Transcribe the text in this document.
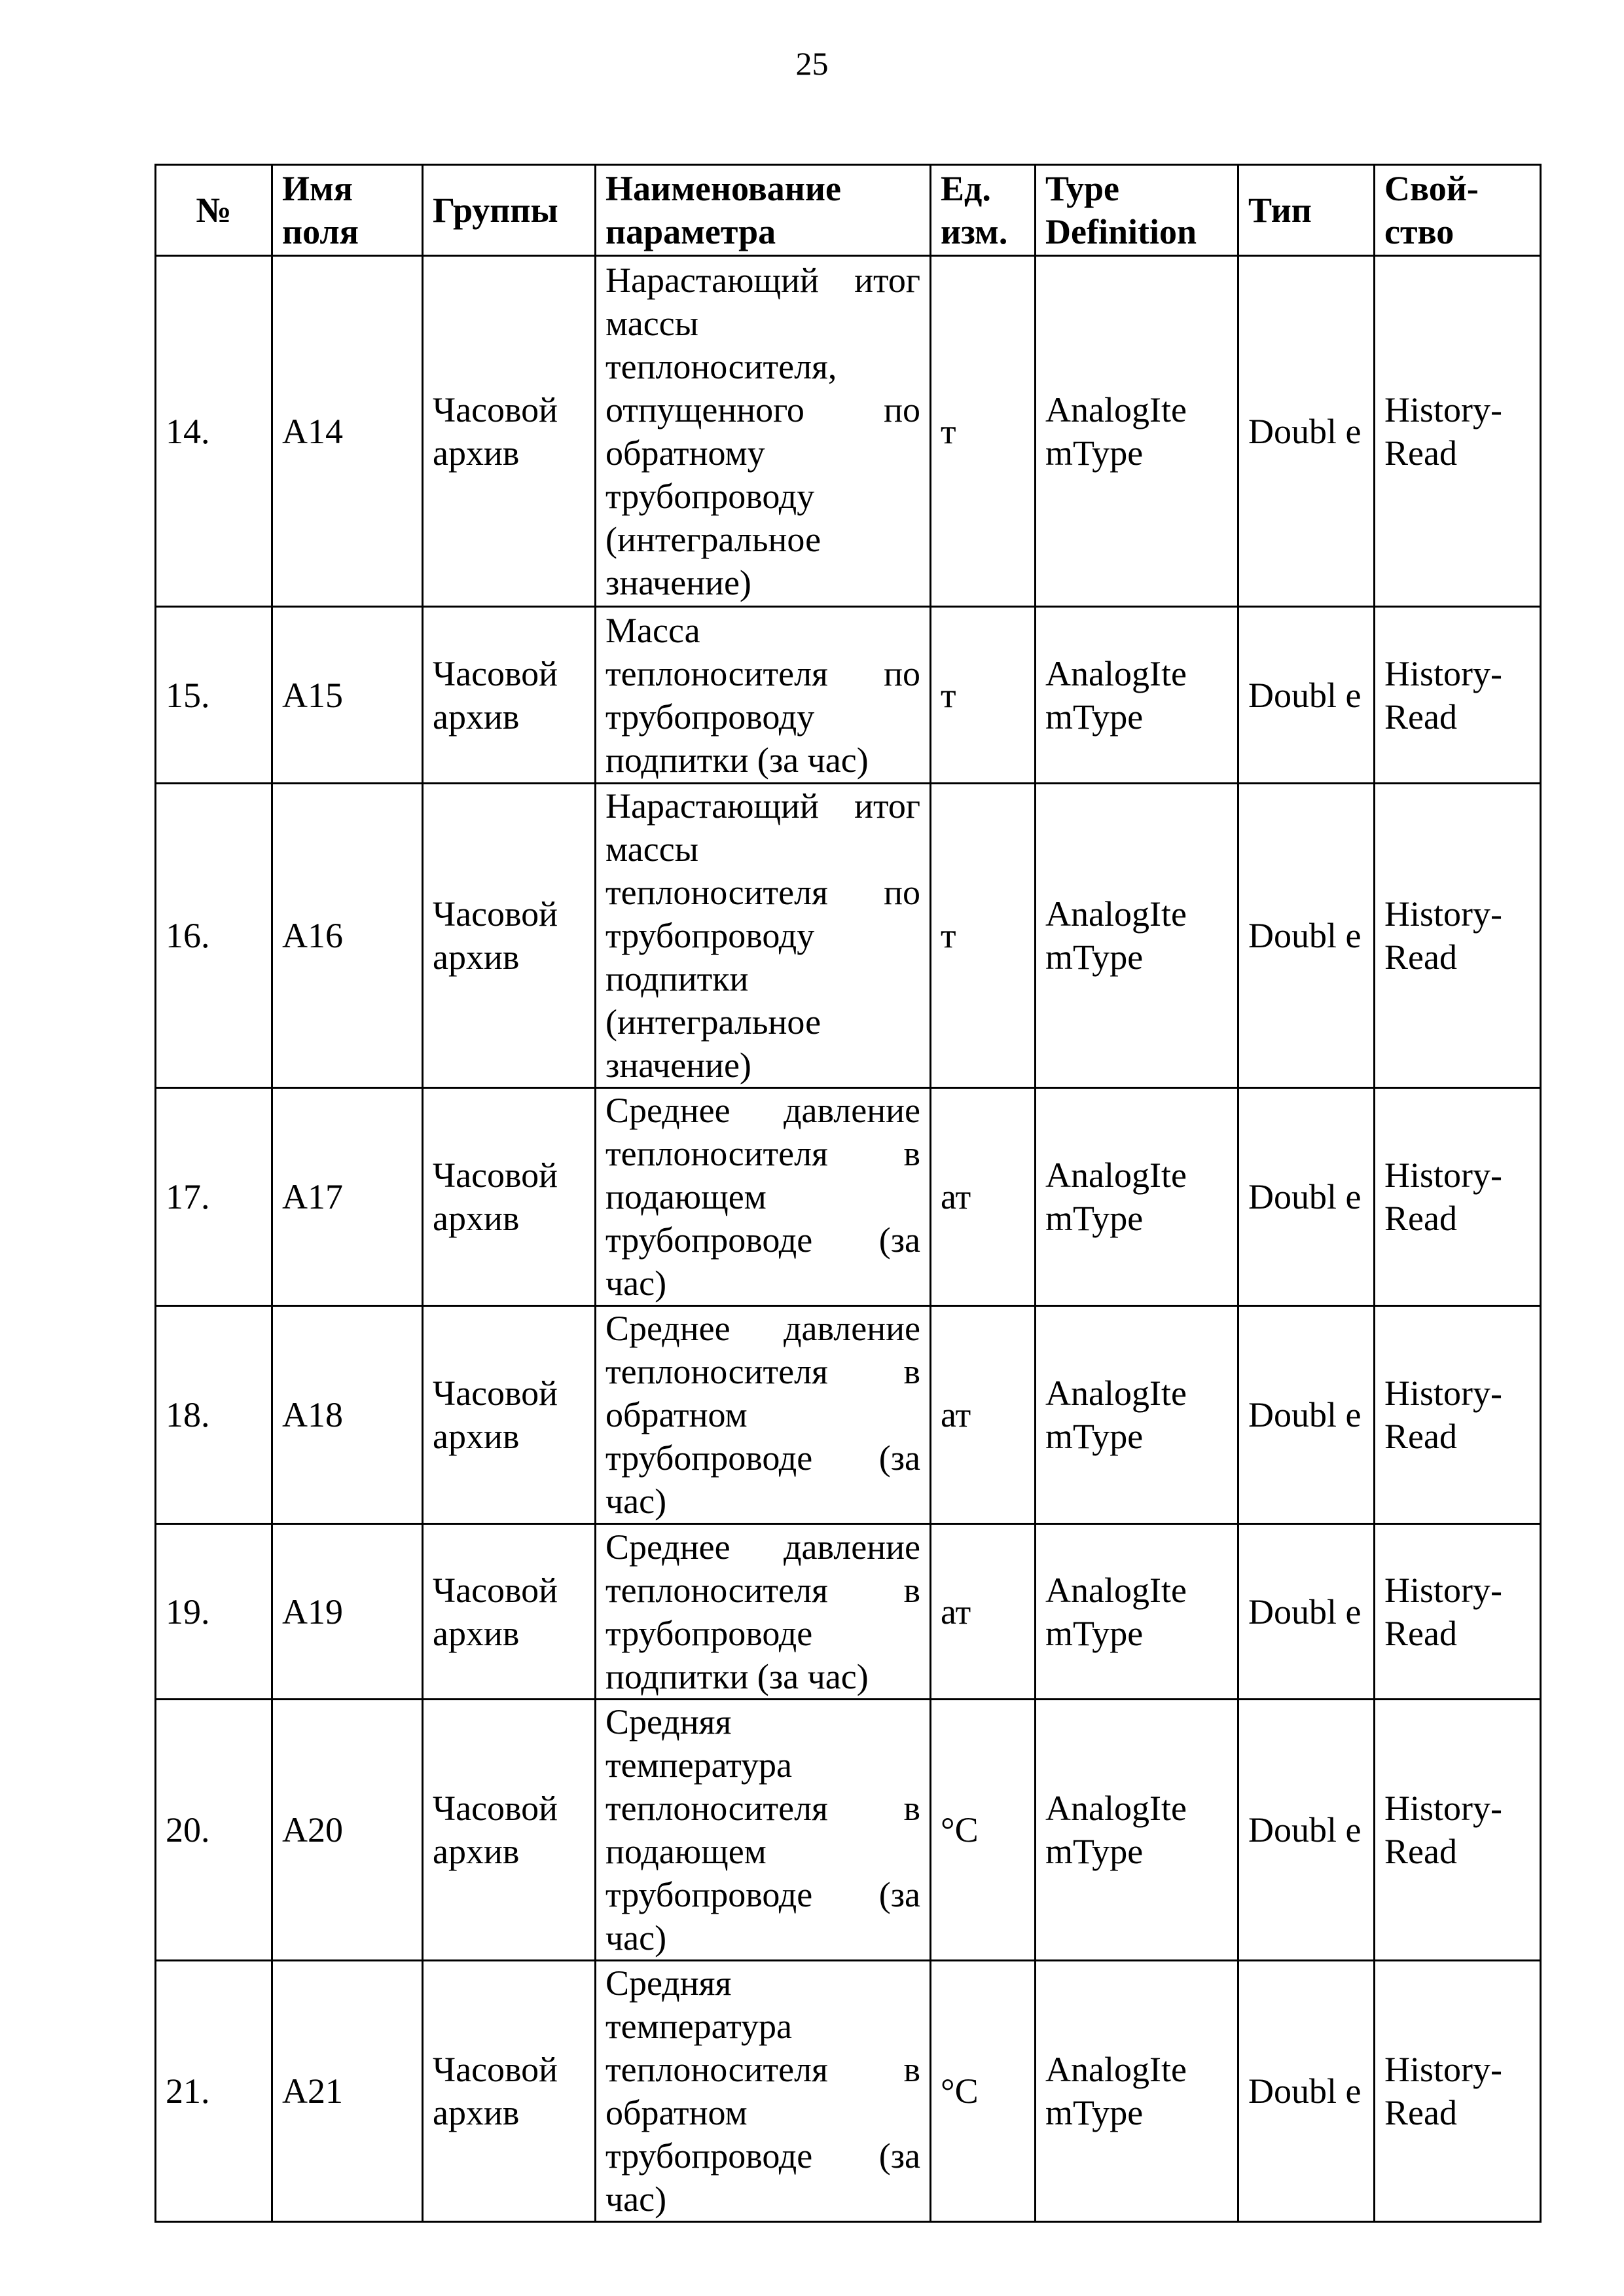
25
№	Имя поля	Группы	Наименование параметра	Ед. изм.	Type Definition	Тип	Свой-ство
14.	А14	Часовой архив	Нарастающий итог массы теплоносителя, отпущенного по обратному трубопроводу (интегральное значение)	т	AnalogIte mType	Doubl e	History-Read
15.	А15	Часовой архив	Масса теплоносителя по трубопроводу подпитки (за час)	т	AnalogIte mType	Doubl e	History-Read
16.	А16	Часовой архив	Нарастающий итог массы теплоносителя по трубопроводу подпитки (интегральное значение)	т	AnalogIte mType	Doubl e	History-Read
17.	А17	Часовой архив	Среднее давление теплоносителя в подающем трубопроводе (за час)	ат	AnalogIte mType	Doubl e	History-Read
18.	А18	Часовой архив	Среднее давление теплоносителя в обратном трубопроводе (за час)	ат	AnalogIte mType	Doubl e	History-Read
19.	А19	Часовой архив	Среднее давление теплоносителя в трубопроводе подпитки (за час)	ат	AnalogIte mType	Doubl e	History-Read
20.	А20	Часовой архив	Средняя температура теплоносителя в подающем трубопроводе (за час)	°С	AnalogIte mType	Doubl e	History-Read
21.	А21	Часовой архив	Средняя температура теплоносителя в обратном трубопроводе (за час)	°С	AnalogIte mType	Doubl e	History-Read
